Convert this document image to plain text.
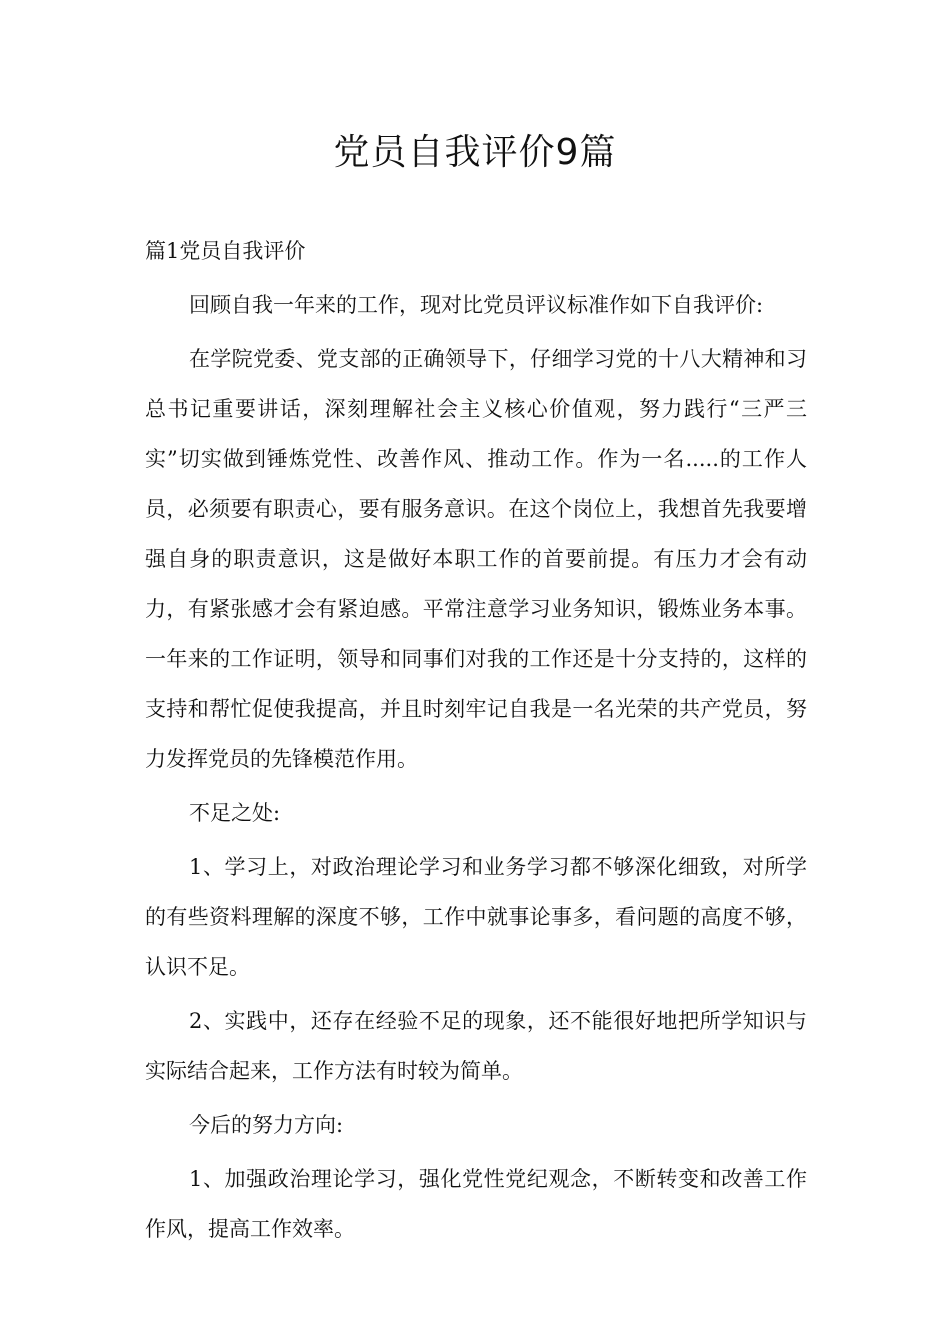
党员自我评价9篇

篇1党员自我评价

回顾自我一年来的工作，现对比党员评议标准作如下自我评价:

在学院党委、党支部的正确领导下，仔细学习党的十八大精神和习总书记重要讲话，深刻理解社会主义核心价值观，努力践行“三严三实”切实做到锤炼党性、改善作风、推动工作。作为一名.....的工作人员，必须要有职责心，要有服务意识。在这个岗位上，我想首先我要增强自身的职责意识，这是做好本职工作的首要前提。有压力才会有动力，有紧张感才会有紧迫感。平常注意学习业务知识，锻炼业务本事。一年来的工作证明，领导和同事们对我的工作还是十分支持的，这样的支持和帮忙促使我提高，并且时刻牢记自我是一名光荣的共产党员，努力发挥党员的先锋模范作用。

不足之处:

1、学习上，对政治理论学习和业务学习都不够深化细致，对所学的有些资料理解的深度不够，工作中就事论事多，看问题的高度不够，认识不足。

2、实践中，还存在经验不足的现象，还不能很好地把所学知识与实际结合起来，工作方法有时较为简单。

今后的努力方向:

1、加强政治理论学习，强化党性党纪观念，不断转变和改善工作作风，提高工作效率。
